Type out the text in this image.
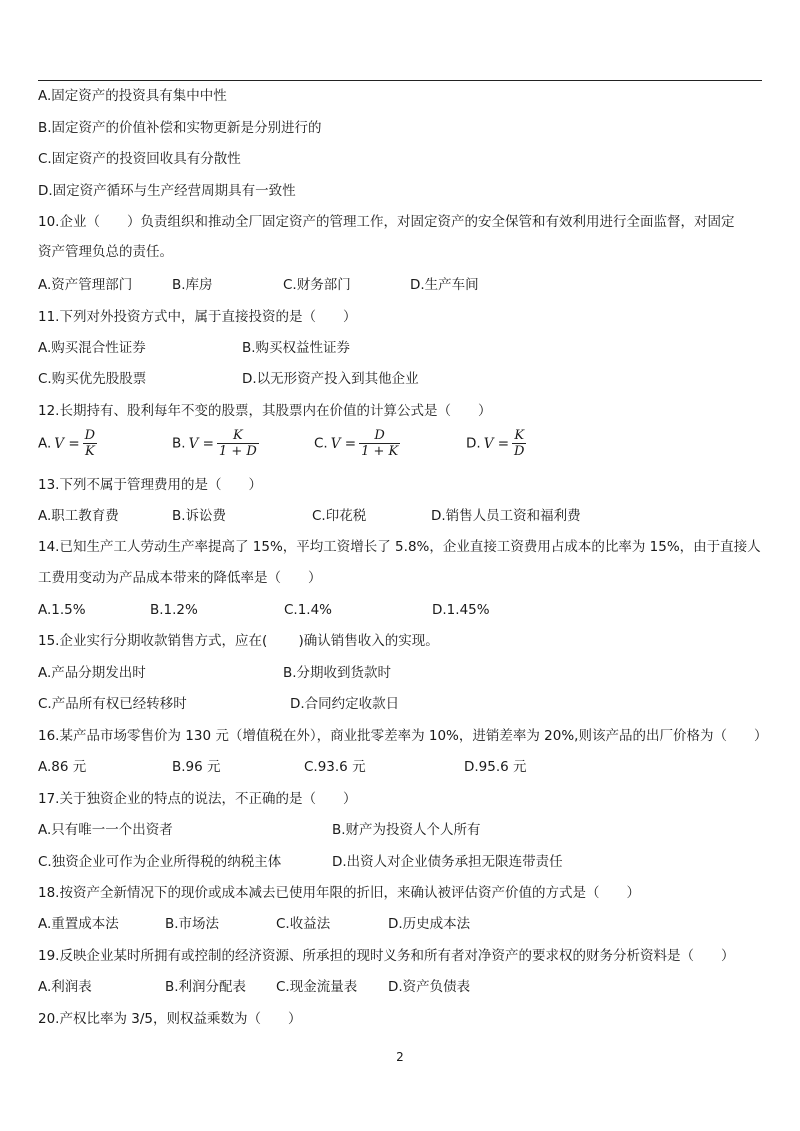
A.固定资产的投资具有集中中性
B.固定资产的价值补偿和实物更新是分别进行的
C.固定资产的投资回收具有分散性
D.固定资产循环与生产经营周期具有一致性
10.企业（　　）负责组织和推动全厂固定资产的管理工作，对固定资产的安全保管和有效利用进行全面监督，对固定
资产管理负总的责任。
A.资产管理部门	B.库房	C.财务部门	D.生产车间
11.下列对外投资方式中，属于直接投资的是（　　）
A.购买混合性证券	B.购买权益性证券
C.购买优先股股票	D.以无形资产投入到其他企业
12.长期持有、股利每年不变的股票，其股票内在价值的计算公式是（　　）
A. $V = \frac{D}{K}$	B. $V = \frac{K}{1 + D}$	C. $V = \frac{D}{1 + K}$	D. $V = \frac{K}{D}$
13.下列不属于管理费用的是（　　）
A.职工教育费	B.诉讼费	C.印花税	D.销售人员工资和福利费
14.已知生产工人劳动生产率提高了 15%，平均工资增长了 5.8%，企业直接工资费用占成本的比率为 15%，由于直接人
工费用变动为产品成本带来的降低率是（　　）
A.1.5%	B.1.2%	C.1.4%	D.1.45%
15.企业实行分期收款销售方式，应在(　　 )确认销售收入的实现。
A.产品分期发出时	B.分期收到货款时
C.产品所有权已经转移时	D.合同约定收款日
16.某产品市场零售价为 130 元（增值税在外），商业批零差率为 10%，进销差率为 20%,则该产品的出厂价格为（　　）
A.86 元	B.96 元	C.93.6 元	D.95.6 元
17.关于独资企业的特点的说法，不正确的是（　　）
A.只有唯一一个出资者	B.财产为投资人个人所有
C.独资企业可作为企业所得税的纳税主体	D.出资人对企业债务承担无限连带责任
18.按资产全新情况下的现价或成本减去已使用年限的折旧，来确认被评估资产价值的方式是（　　）
A.重置成本法	B.市场法	C.收益法	D.历史成本法
19.反映企业某时所拥有或控制的经济资源、所承担的现时义务和所有者对净资产的要求权的财务分析资料是（　　）
A.利润表	B.利润分配表 C.现金流量表 D.资产负债表
20.产权比率为 3/5，则权益乘数为（　　）
2
